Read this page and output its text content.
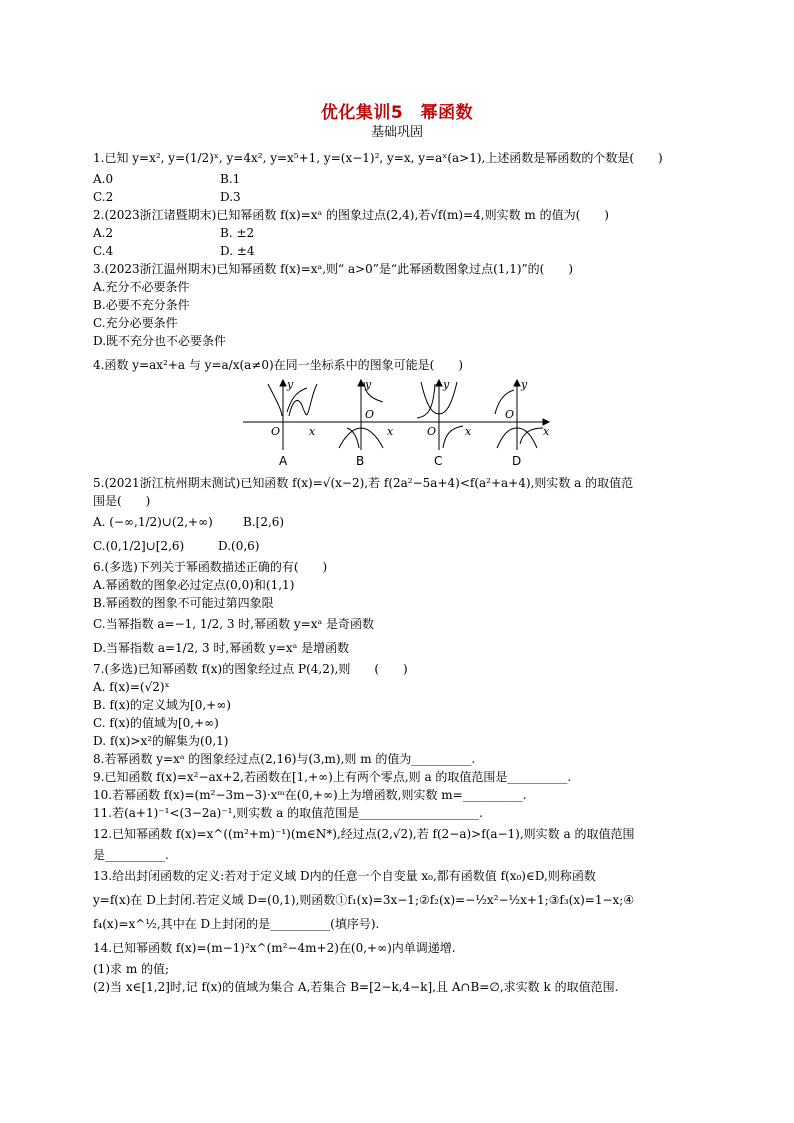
优化集训5　幂函数
基础巩固
1.已知 y=x², y=(1/2)ˣ, y=4x², y=x⁵+1, y=(x−1)², y=x, y=aˣ(a>1),上述函数是幂函数的个数是(　　)
A.0	B.1
C.2	D.3
2.(2023浙江诸暨期末)已知幂函数 f(x)=xᵃ 的图象过点(2,4),若√f(m)=4,则实数 m 的值为(　　)
A.2	B. ±2
C.4	D. ±4
3.(2023浙江温州期末)已知幂函数 f(x)=xᵃ,则“ a>0”是“此幂函数图象过点(1,1)”的(　　)
A.充分不必要条件
B.必要不充分条件
C.充分必要条件
D.既不充分也不必要条件
4.函数 y=ax²+a 与 y=a/x(a≠0)在同一坐标系中的图象可能是(　　)
y
O	x
y
O
x
y
O	x
y
O
x
A	B	C	D
5.(2021浙江杭州期末测试)已知函数 f(x)=√(x−2),若 f(2a²−5a+4)<f(a²+a+4),则实数 a 的取值范
围是(　　)
A. (−∞,1/2)∪(2,+∞)	B.[2,6)
C.(0,1/2]∪[2,6)	D.(0,6)
6.(多选)下列关于幂函数描述正确的有(　　)
A.幂函数的图象必过定点(0,0)和(1,1)
B.幂函数的图象不可能过第四象限
C.当幂指数 a=−1, 1/2, 3 时,幂函数 y=xᵃ 是奇函数
D.当幂指数 a=1/2, 3 时,幂函数 y=xᵃ 是增函数
7.(多选)已知幂函数 f(x)的图象经过点 P(4,2),则　　(　　)
A. f(x)=(√2)ˣ
B. f(x)的定义域为[0,+∞)
C. f(x)的值域为[0,+∞)
D. f(x)>x²的解集为(0,1)
8.若幂函数 y=xᵃ 的图象经过点(2,16)与(3,m),则 m 的值为__________.
9.已知函数 f(x)=x²−ax+2,若函数在[1,+∞)上有两个零点,则 a 的取值范围是__________.
10.若幂函数 f(x)=(m²−3m−3)·xᵐ在(0,+∞)上为增函数,则实数 m=__________.
11.若(a+1)⁻¹<(3−2a)⁻¹,则实数 a 的取值范围是____________________.
12.已知幂函数 f(x)=x^((m²+m)⁻¹)(m∈N*),经过点(2,√2),若 f(2−a)>f(a−1),则实数 a 的取值范围
是__________.
13.给出封闭函数的定义:若对于定义域 D内的任意一个自变量 x₀,都有函数值 f(x₀)∈D,则称函数
y=f(x)在 D上封闭.若定义域 D=(0,1),则函数①f₁(x)=3x−1;②f₂(x)=−½x²−½x+1;③f₃(x)=1−x;④
f₄(x)=x^½,其中在 D上封闭的是__________(填序号).
14.已知幂函数 f(x)=(m−1)²x^(m²−4m+2)在(0,+∞)内单调递增.
(1)求 m 的值;
(2)当 x∈[1,2]时,记 f(x)的值域为集合 A,若集合 B=[2−k,4−k],且 A∩B=∅,求实数 k 的取值范围.
